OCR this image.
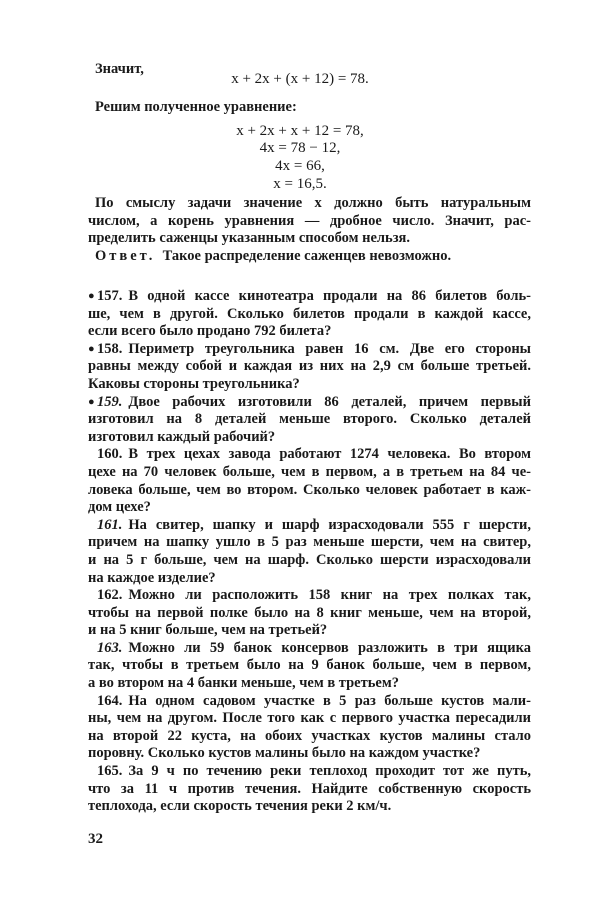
Значит,
x + 2x + (x + 12) = 78.
Решим полученное уравнение:
x + 2x + x + 12 = 78,
4x = 78 − 12,
4x = 66,
x = 16,5.
По смыслу задачи значение x должно быть натуральным
числом, а корень уравнения — дробное число. Значит, рас-
пределить саженцы указанным способом нельзя.
Ответ. Такое распределение саженцев невозможно.
● 157. В одной кассе кинотеатра продали на 86 билетов боль-
ше, чем в другой. Сколько билетов продали в каждой кассе,
если всего было продано 792 билета?
● 158. Периметр треугольника равен 16 см. Две его стороны
равны между собой и каждая из них на 2,9 см больше третьей.
Каковы стороны треугольника?
● 159. Двое рабочих изготовили 86 деталей, причем первый
изготовил на 8 деталей меньше второго. Сколько деталей
изготовил каждый рабочий?
160. В трех цехах завода работают 1274 человека. Во втором
цехе на 70 человек больше, чем в первом, а в третьем на 84 че-
ловека больше, чем во втором. Сколько человек работает в каж-
дом цехе?
161. На свитер, шапку и шарф израсходовали 555 г шерсти,
причем на шапку ушло в 5 раз меньше шерсти, чем на свитер,
и на 5 г больше, чем на шарф. Сколько шерсти израсходовали
на каждое изделие?
162. Можно ли расположить 158 книг на трех полках так,
чтобы на первой полке было на 8 книг меньше, чем на второй,
и на 5 книг больше, чем на третьей?
163. Можно ли 59 банок консервов разложить в три ящика
так, чтобы в третьем было на 9 банок больше, чем в первом,
а во втором на 4 банки меньше, чем в третьем?
164. На одном садовом участке в 5 раз больше кустов мали-
ны, чем на другом. После того как с первого участка пересадили
на второй 22 куста, на обоих участках кустов малины стало
поровну. Сколько кустов малины было на каждом участке?
165. За 9 ч по течению реки теплоход проходит тот же путь,
что за 11 ч против течения. Найдите собственную скорость
теплохода, если скорость течения реки 2 км/ч.
32
